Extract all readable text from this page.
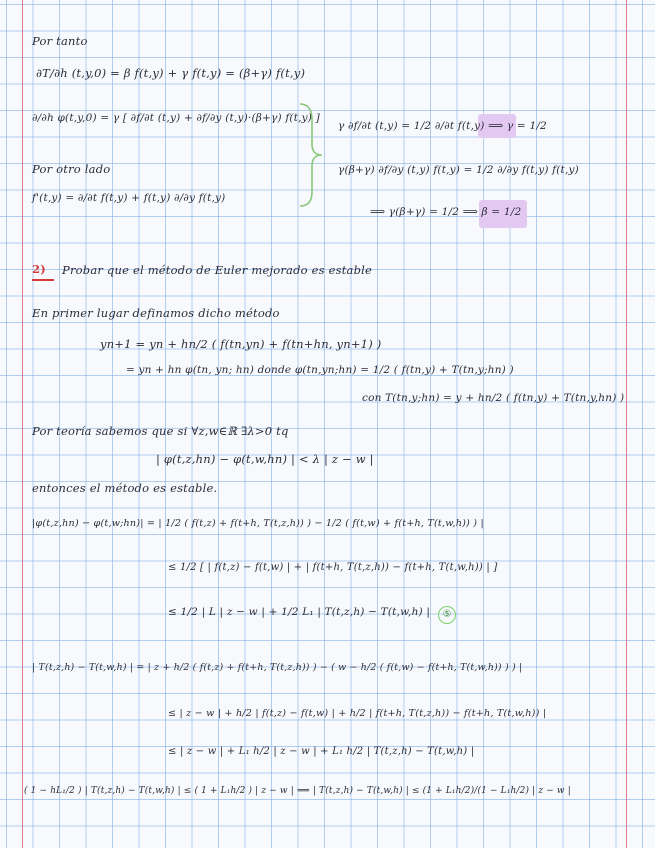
Por tanto
∂T/∂h (t,y,0) = β f(t,y) + γ f(t,y) = (β+γ) f(t,y)
∂/∂h φ(t,y,0) = γ [ ∂f/∂t (t,y) + ∂f/∂y (t,y)·(β+γ) f(t,y) ]
Por otro lado
f'(t,y) = ∂/∂t f(t,y) + f(t,y) ∂/∂y f(t,y)
γ ∂f/∂t (t,y) = 1/2 ∂/∂t f(t,y) ⟹ γ = 1/2
γ(β+γ) ∂f/∂y (t,y) f(t,y) = 1/2 ∂/∂y f(t,y) f(t,y)
⟹ γ(β+γ) = 1/2 ⟹ β = 1/2
2) Probar que el método de Euler mejorado es estable
En primer lugar definamos dicho método
yn+1 = yn + hn/2 ( f(tn,yn) + f(tn+hn, yn+1) )
= yn + hn φ(tn, yn; hn) donde φ(tn,yn;hn) = 1/2 ( f(tn,y) + T(tn,y;hn) )
con T(tn,y;hn) = y + hn/2 ( f(tn,y) + T(tn,y,hn) )
Por teoría sabemos que si ∀z,w∈ℝ ∃λ>0 tq
| φ(t,z,hn) − φ(t,w,hn) | < λ | z − w |
entonces el método es estable.
|φ(t,z,hn) − φ(t,w;hn)| = | 1/2 ( f(t,z) + f(t+h, T(t,z,h)) ) − 1/2 ( f(t,w) + f(t+h, T(t,w,h)) ) |
≤ 1/2 [ | f(t,z) − f(t,w) | + | f(t+h, T(t,z,h)) − f(t+h, T(t,w,h)) | ]
≤ 1/2 | L | z − w | + 1/2 L₁ | T(t,z,h) − T(t,w,h) |	⑤
| T(t,z,h) − T(t,w,h) | = | z + h/2 ( f(t,z) + f(t+h, T(t,z,h)) ) − ( w − h/2 ( f(t,w) − f(t+h, T(t,w,h)) ) ) |
≤ | z − w | + h/2 | f(t,z) − f(t,w) | + h/2 | f(t+h, T(t,z,h)) − f(t+h, T(t,w,h)) |
≤ | z − w | + L₁ h/2 | z − w | + L₁ h/2 | T(t,z,h) − T(t,w,h) |
( 1 − hL₁/2 ) | T(t,z,h) − T(t,w,h) | ≤ ( 1 + L₁h/2 ) | z − w | ⟹ | T(t,z,h) − T(t,w,h) | ≤ (1 + L₁h/2)/(1 − L₁h/2) | z − w |
